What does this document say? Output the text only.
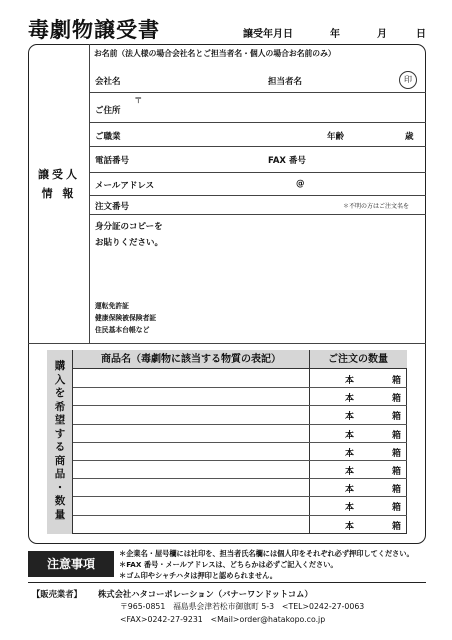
毒劇物譲受書	譲受年月日	年	月	日
譲受人
情 報
お名前（法人様の場合会社名とご担当者名・個人の場合お名前のみ）
会社名	担当者名	印
〒
ご住所
ご職業	年齢	歳
電話番号	FAX 番号
メールアドレス	@
注文番号	＊不明の方はご注文名を
身分証のコピーを
お貼りください。
運転免許証
健康保険被保険者証
住民基本台帳など
購
入
を
希
望
す
る
商
品
・
数
量
商品名（毒劇物に該当する物質の表記）	ご注文の数量
本	箱
本	箱
本	箱
本	箱
本	箱
本	箱
本	箱
本	箱
本	箱
注意事項
＊企業名・屋号欄には社印を、担当者氏名欄には個人印をそれぞれ必ず押印してください。
＊FAX 番号・メールアドレスは、どちらかは必ずご記入ください。
＊ゴム印やシャチハタは押印と認められません。
【販売業者】 株式会社ハタコーポレーション（バナーワンドットコム）
〒965-0851　福島県会津若松市御旗町 5-3　<TEL>0242-27-0063
<FAX>0242-27-9231　<Mail>order@hatakopo.co.jp
